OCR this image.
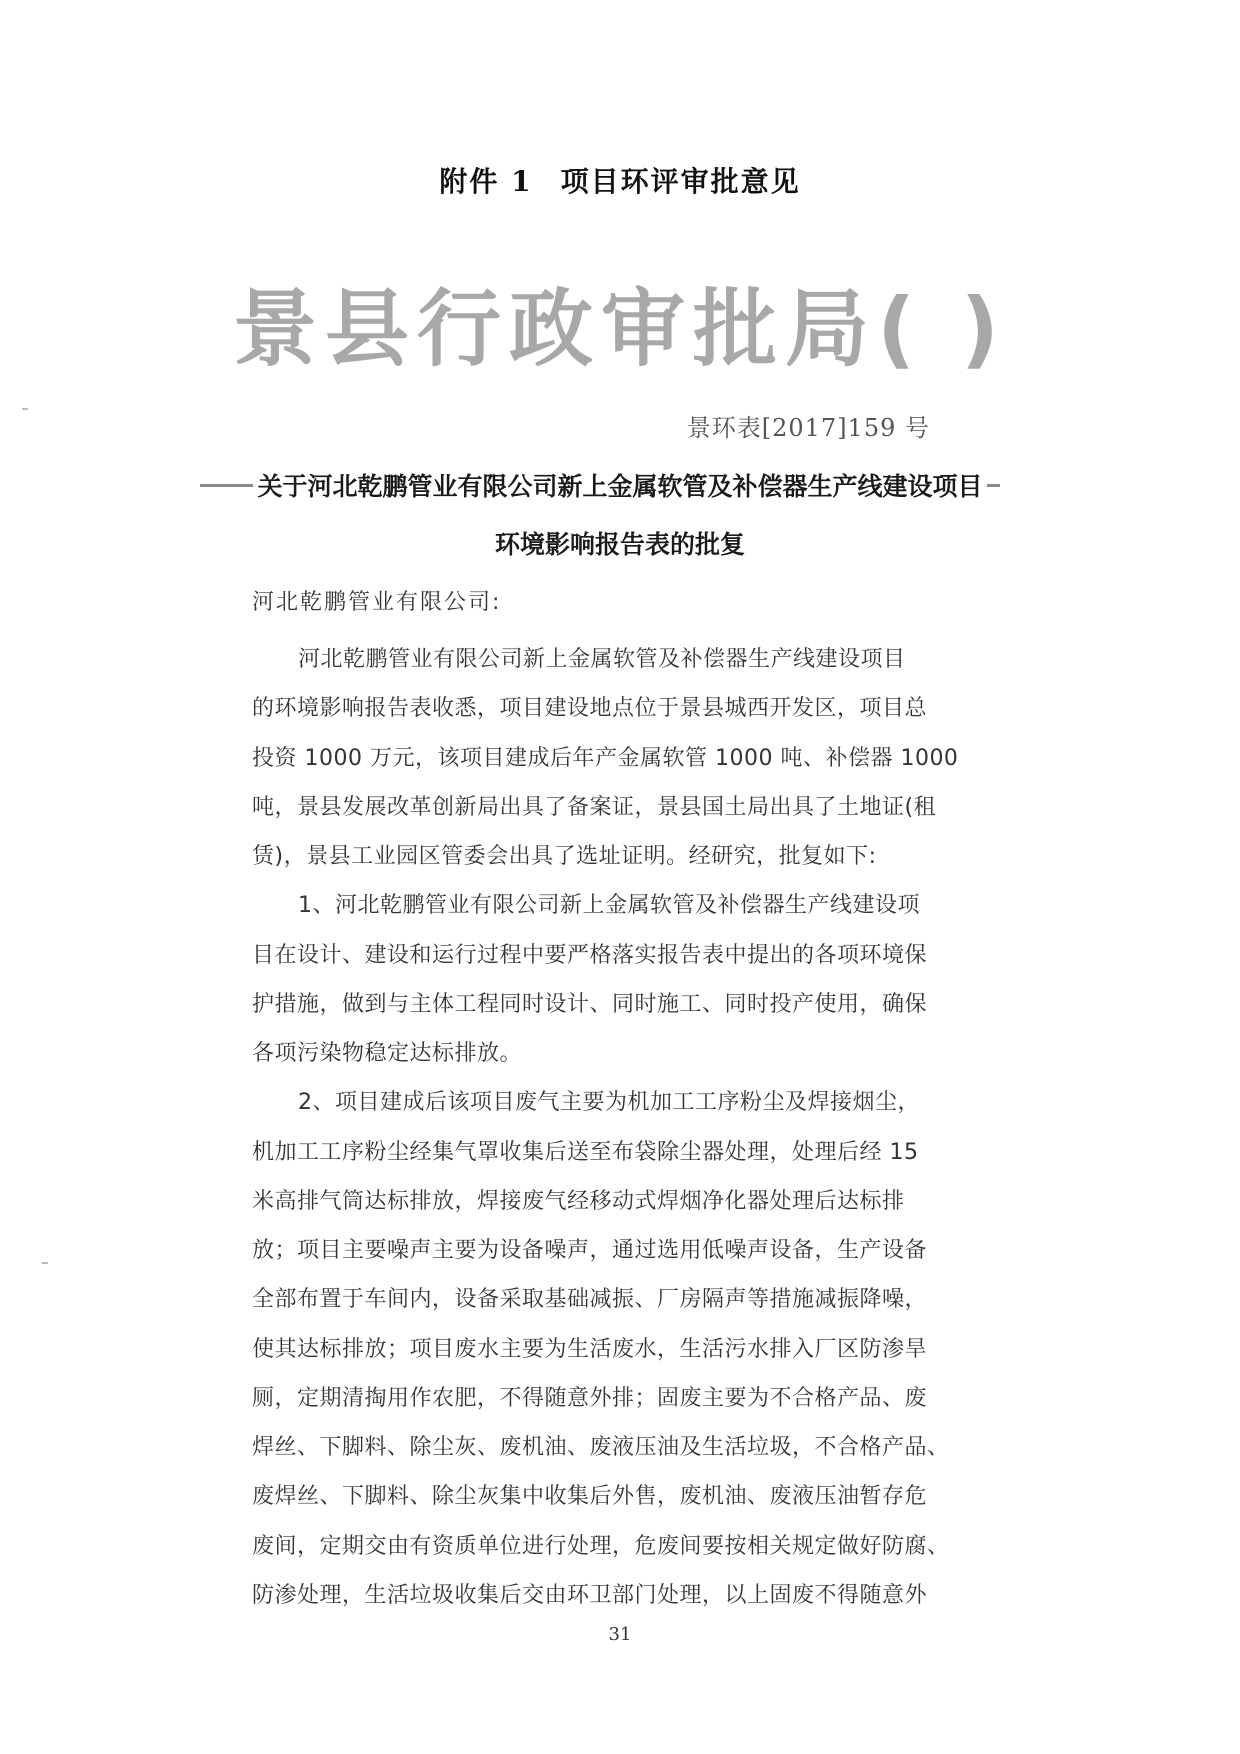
附件 1 项目环评审批意见
景县行政审批局( )
景环表[2017]159 号
关于河北乾鹏管业有限公司新上金属软管及补偿器生产线建设项目
环境影响报告表的批复
河北乾鹏管业有限公司:
河北乾鹏管业有限公司新上金属软管及补偿器生产线建设项目
的环境影响报告表收悉，项目建设地点位于景县城西开发区，项目总
投资 1000 万元，该项目建成后年产金属软管 1000 吨、补偿器 1000
吨，景县发展改革创新局出具了备案证，景县国土局出具了土地证(租
赁)，景县工业园区管委会出具了选址证明。经研究，批复如下:
1、河北乾鹏管业有限公司新上金属软管及补偿器生产线建设项
目在设计、建设和运行过程中要严格落实报告表中提出的各项环境保
护措施，做到与主体工程同时设计、同时施工、同时投产使用，确保
各项污染物稳定达标排放。
2、项目建成后该项目废气主要为机加工工序粉尘及焊接烟尘，
机加工工序粉尘经集气罩收集后送至布袋除尘器处理，处理后经 15
米高排气筒达标排放，焊接废气经移动式焊烟净化器处理后达标排
放；项目主要噪声主要为设备噪声，通过选用低噪声设备，生产设备
全部布置于车间内，设备采取基础减振、厂房隔声等措施减振降噪，
使其达标排放；项目废水主要为生活废水，生活污水排入厂区防渗旱
厕，定期清掏用作农肥，不得随意外排；固废主要为不合格产品、废
焊丝、下脚料、除尘灰、废机油、废液压油及生活垃圾，不合格产品、
废焊丝、下脚料、除尘灰集中收集后外售，废机油、废液压油暂存危
废间，定期交由有资质单位进行处理，危废间要按相关规定做好防腐、
防渗处理，生活垃圾收集后交由环卫部门处理，以上固废不得随意外
31
